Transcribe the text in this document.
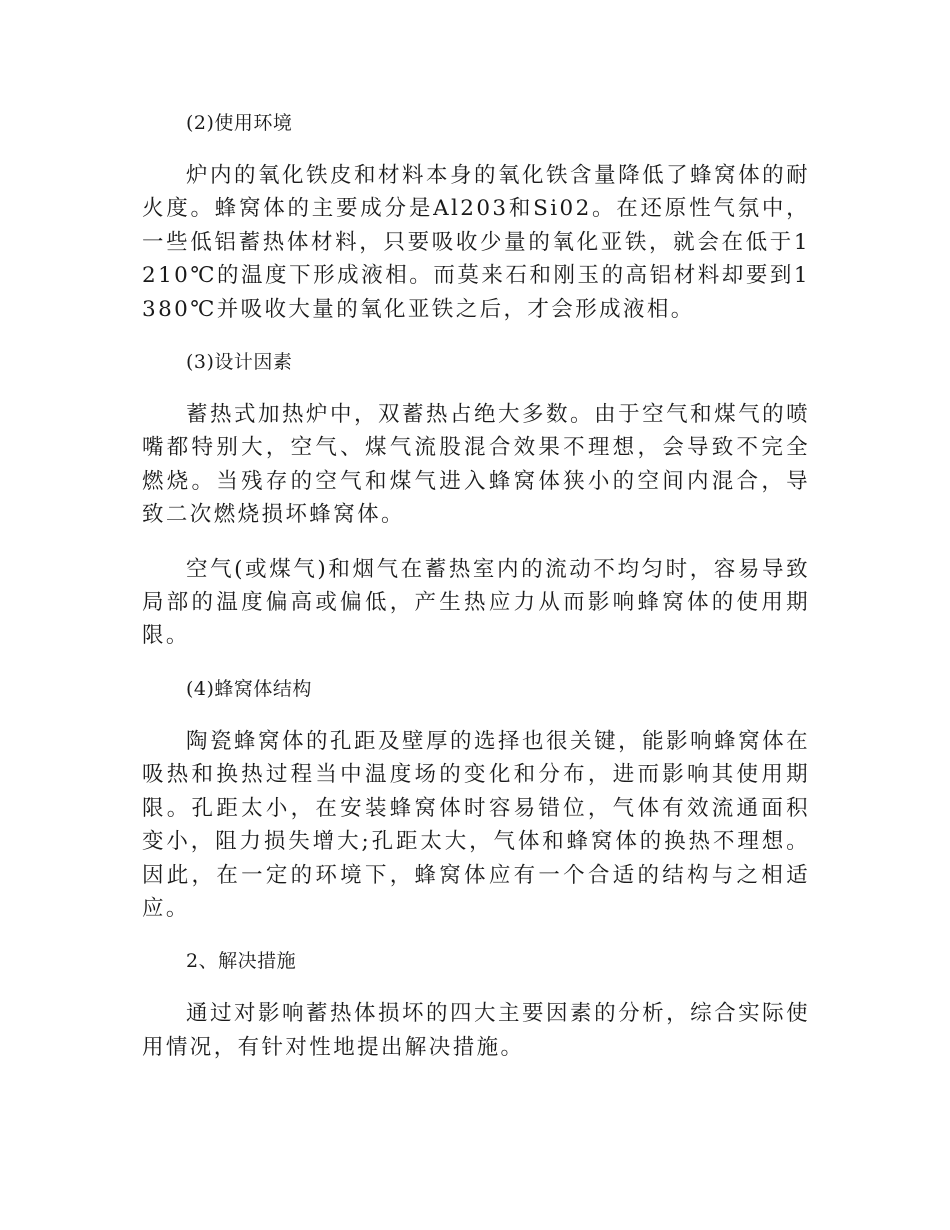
(2)使用环境

炉内的氧化铁皮和材料本身的氧化铁含量降低了蜂窝体的耐火度。蜂窝体的主要成分是Al203和Si02。在还原性气氛中，一些低铝蓄热体材料，只要吸收少量的氧化亚铁，就会在低于1210℃的温度下形成液相。而莫来石和刚玉的高铝材料却要到1380℃并吸收大量的氧化亚铁之后，才会形成液相。

(3)设计因素

蓄热式加热炉中，双蓄热占绝大多数。由于空气和煤气的喷嘴都特别大，空气、煤气流股混合效果不理想，会导致不完全燃烧。当残存的空气和煤气进入蜂窝体狭小的空间内混合，导致二次燃烧损坏蜂窝体。

空气(或煤气)和烟气在蓄热室内的流动不均匀时，容易导致局部的温度偏高或偏低，产生热应力从而影响蜂窝体的使用期限。

(4)蜂窝体结构

陶瓷蜂窝体的孔距及壁厚的选择也很关键，能影响蜂窝体在吸热和换热过程当中温度场的变化和分布，进而影响其使用期限。孔距太小，在安装蜂窝体时容易错位，气体有效流通面积变小，阻力损失增大;孔距太大，气体和蜂窝体的换热不理想。因此，在一定的环境下，蜂窝体应有一个合适的结构与之相适应。

2、解决措施

通过对影响蓄热体损坏的四大主要因素的分析，综合实际使用情况，有针对性地提出解决措施。
